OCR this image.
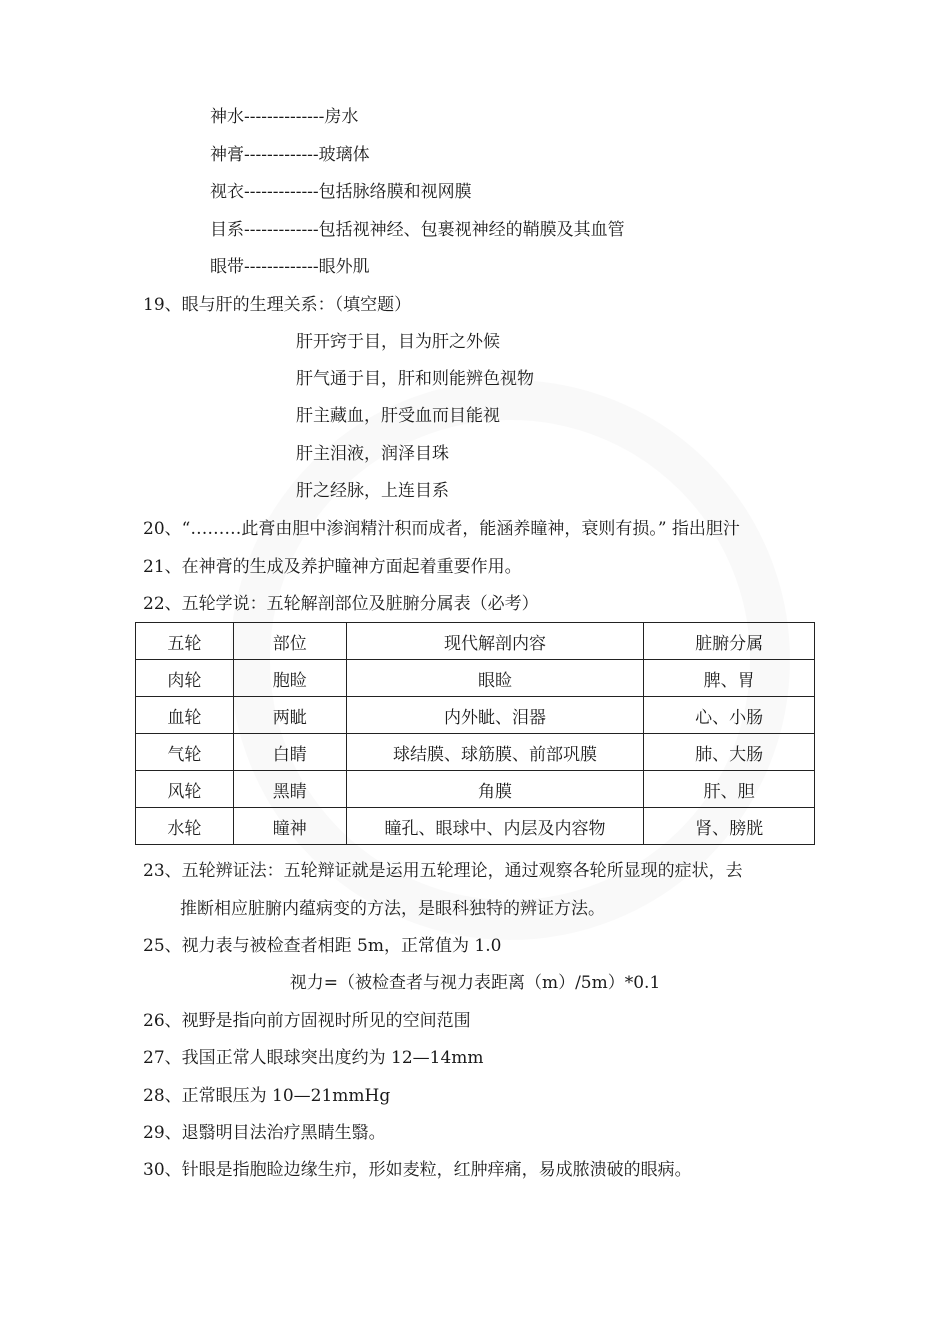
神水--------------房水
神膏-------------玻璃体
视衣-------------包括脉络膜和视网膜
目系-------------包括视神经、包裹视神经的鞘膜及其血管
眼带-------------眼外肌
19、眼与肝的生理关系：（填空题）
肝开窍于目，目为肝之外候
肝气通于目，肝和则能辨色视物
肝主藏血，肝受血而目能视
肝主泪液，润泽目珠
肝之经脉，上连目系
20、“………此膏由胆中渗润精汁积而成者，能涵养瞳神，衰则有损。” 指出胆汁
21、在神膏的生成及养护瞳神方面起着重要作用。
22、五轮学说：五轮解剖部位及脏腑分属表（必考）
五轮	部位	现代解剖内容	脏腑分属
肉轮	胞睑	眼睑	脾、胃
血轮	两眦	内外眦、泪器	心、小肠
气轮	白睛	球结膜、球筋膜、前部巩膜	肺、大肠
风轮	黑睛	角膜	肝、胆
水轮	瞳神	瞳孔、眼球中、内层及内容物	肾、膀胱
23、五轮辨证法：五轮辩证就是运用五轮理论，通过观察各轮所显现的症状，去
推断相应脏腑内蕴病变的方法，是眼科独特的辨证方法。
25、视力表与被检查者相距 5m，正常值为 1.0
视力=（被检查者与视力表距离（m）/5m）*0.1
26、视野是指向前方固视时所见的空间范围
27、我国正常人眼球突出度约为 12—14mm
28、正常眼压为 10—21mmHg
29、退翳明目法治疗黑睛生翳。
30、针眼是指胞睑边缘生疖，形如麦粒，红肿痒痛，易成脓溃破的眼病。
